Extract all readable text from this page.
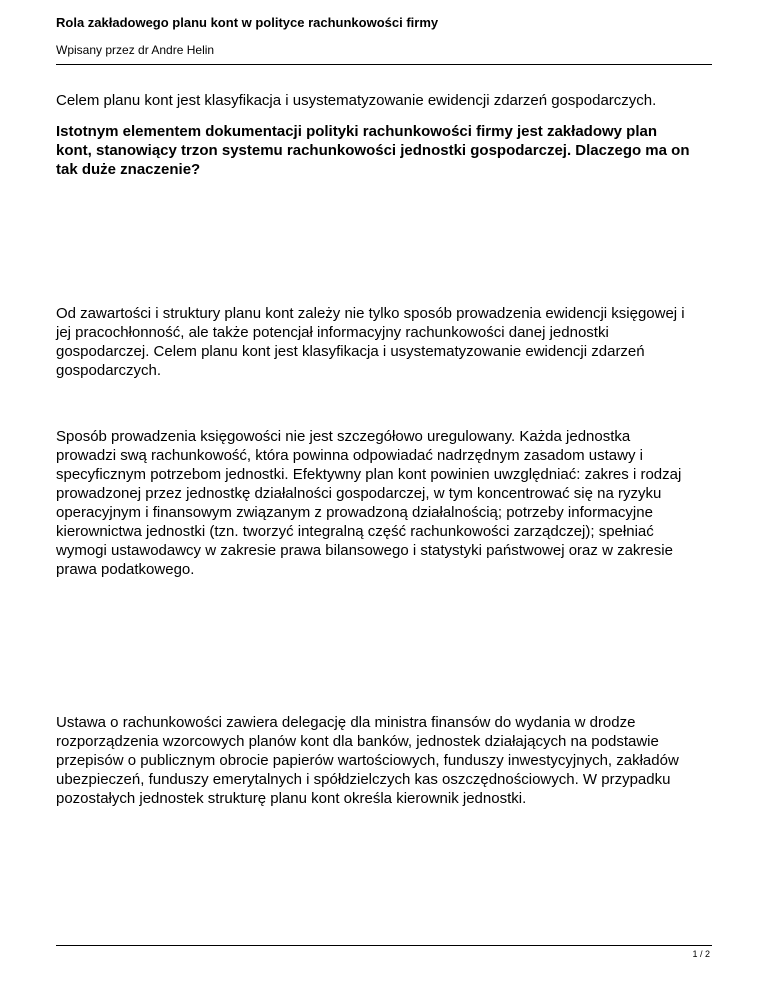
Rola zakładowego planu kont w polityce rachunkowości firmy
Wpisany przez dr Andre Helin
Celem planu kont jest klasyfikacja i usystematyzowanie ewidencji zdarzeń gospodarczych.
Istotnym elementem dokumentacji polityki rachunkowości firmy jest zakładowy plan
kont, stanowiący trzon systemu rachunkowości jednostki gospodarczej. Dlaczego ma on
tak duże znaczenie?
Od zawartości i struktury planu kont zależy nie tylko sposób prowadzenia ewidencji księgowej i
jej pracochłonność, ale także potencjał informacyjny rachunkowości danej jednostki
gospodarczej. Celem planu kont jest klasyfikacja i usystematyzowanie ewidencji zdarzeń
gospodarczych.
Sposób prowadzenia księgowości nie jest szczegółowo uregulowany. Każda jednostka
prowadzi swą rachunkowość, która powinna odpowiadać nadrzędnym zasadom ustawy i
specyficznym potrzebom jednostki. Efektywny plan kont powinien uwzględniać: zakres i rodzaj
prowadzonej przez jednostkę działalności gospodarczej, w tym koncentrować się na ryzyku
operacyjnym i finansowym związanym z prowadzoną działalnością; potrzeby informacyjne
kierownictwa jednostki (tzn. tworzyć integralną część rachunkowości zarządczej); spełniać
wymogi ustawodawcy w zakresie prawa bilansowego i statystyki państwowej oraz w zakresie
prawa podatkowego.
Ustawa o rachunkowości zawiera delegację dla ministra finansów do wydania w drodze
rozporządzenia wzorcowych planów kont dla banków, jednostek działających na podstawie
przepisów o publicznym obrocie papierów wartościowych, funduszy inwestycyjnych, zakładów
ubezpieczeń, funduszy emerytalnych i spółdzielczych kas oszczędnościowych. W przypadku
pozostałych jednostek strukturę planu kont określa kierownik jednostki.
1 / 2
